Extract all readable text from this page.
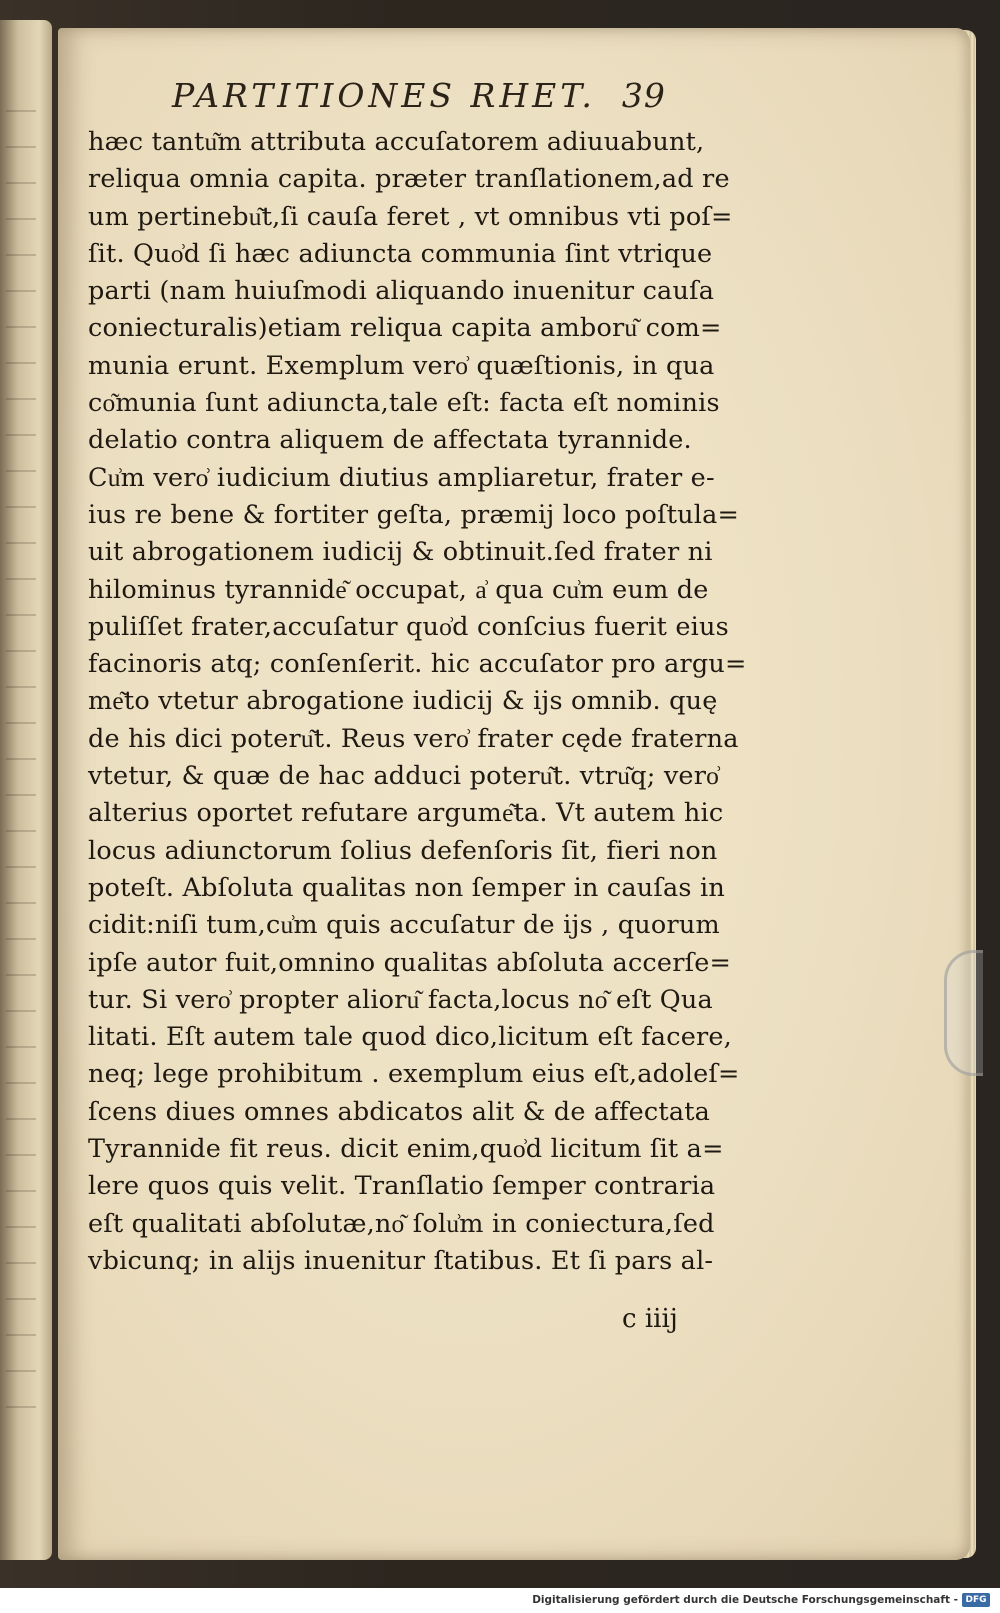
PARTITIONES RHET. 39
hæc tantu͂m attributa accuſatorem adiuuabunt,
reliqua omnia capita. præter tranſlationem,ad re
um pertinebu͂t,ſi cauſa feret , vt omnibus vti poſ=
ſit. Quo͗d ſi hæc adiuncta communia ſint vtrique
parti (nam huiuſmodi aliquando inuenitur cauſa
coniecturalis)etiam reliqua capita amboru͂ com=
munia erunt. Exemplum vero͗ quæſtionis, in qua
co͂munia ſunt adiuncta,tale eſt: facta eſt nominis
delatio contra aliquem de affectata tyrannide.
Cu͗m vero͗ iudicium diutius ampliaretur, frater e-
ius re bene & fortiter geſta, præmij loco poſtula=
uit abrogationem iudicij & obtinuit.ſed frater ni
hilominus tyrannide͂ occupat, a͗ qua cu͗m eum de
puliſſet frater,accuſatur quo͗d conſcius fuerit eius
facinoris atq; conſenſerit. hic accuſator pro argu=
me͂to vtetur abrogatione iudicij & ijs omnib. quę
de his dici poteru͂t. Reus vero͗ frater cęde fraterna
vtetur, & quæ de hac adduci poteru͂t. vtru͂q; vero͗
alterius oportet refutare argume͂ta. Vt autem hic
locus adiunctorum ſolius defenſoris ſit, fieri non
poteſt. Abſoluta qualitas non ſemper in cauſas in
cidit:niſi tum,cu͗m quis accuſatur de ijs , quorum
ipſe autor fuit,omnino qualitas abſoluta accerſe=
tur. Si vero͗ propter alioru͂ facta,locus no͂ eſt Qua
litati. Eſt autem tale quod dico,licitum eſt facere,
neq; lege prohibitum . exemplum eius eſt,adoleſ=
ſcens diues omnes abdicatos alit & de affectata
Tyrannide fit reus. dicit enim,quo͗d licitum ſit a=
lere quos quis velit. Tranſlatio ſemper contraria
eſt qualitati abſolutæ,no͂ ſolu͗m in coniectura,ſed
vbicunq; in alijs inuenitur ſtatibus. Et ſi pars al-
c iiij
Digitalisierung gefördert durch die Deutsche Forschungsgemeinschaft - DFG
